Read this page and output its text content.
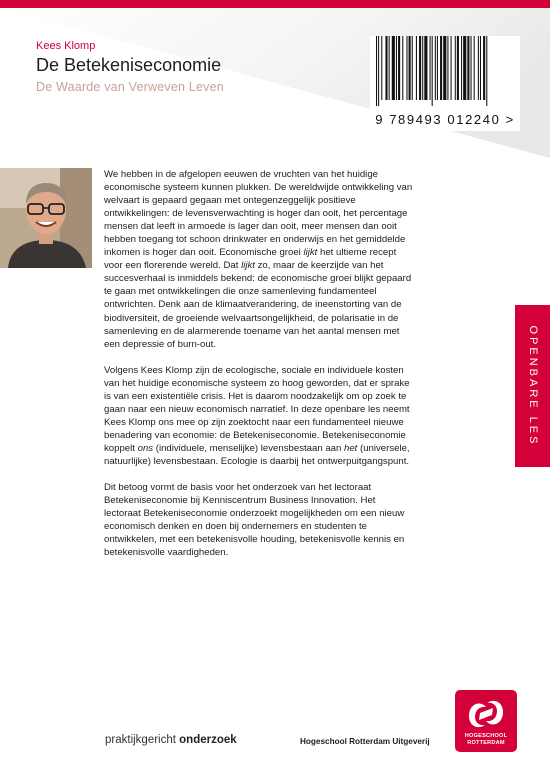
Kees Klomp
De Betekeniseconomie
De Waarde van Verweven Leven
9 789493 012240 >

We hebben in de afgelopen eeuwen de vruchten van het huidige economische systeem kunnen plukken. De wereldwijde ontwikkeling van welvaart is gepaard gegaan met ontegenzeggelijk positieve ontwikkelingen: de levensverwachting is hoger dan ooit, het percentage mensen dat leeft in armoede is lager dan ooit, meer mensen dan ooit hebben toegang tot schoon drinkwater en onderwijs en het gemiddelde inkomen is hoger dan ooit. Economische groei lijkt het ultieme recept voor een florerende wereld. Dat lijkt zo, maar de keerzijde van het succesverhaal is inmiddels bekend: de economische groei blijkt gepaard te gaan met ontwikkelingen die onze samenleving fundamenteel ontwrichten. Denk aan de klimaatverandering, de ineenstorting van de biodiversiteit, de groeiende welvaartsongelijkheid, de polarisatie in de samenleving en de alarmerende toename van het aantal mensen met een depressie of burn-out.

Volgens Kees Klomp zijn de ecologische, sociale en individuele kosten van het huidige economische systeem zo hoog geworden, dat er sprake is van een existentiële crisis. Het is daarom noodzakelijk om op zoek te gaan naar een nieuw economisch narratief. In deze openbare les neemt Kees Klomp ons mee op zijn zoektocht naar een fundamenteel nieuwe benadering van economie: de Betekeniseconomie. Betekeniseconomie koppelt ons (individuele, menselijke) levensbestaan aan het (universele, natuurlijke) levensbestaan. Ecologie is daarbij het ontwerpuitgangspunt.

Dit betoog vormt de basis voor het onderzoek van het lectoraat Betekeniseconomie bij Kenniscentrum Business Innovation. Het lectoraat Betekeniseconomie onderzoekt mogelijkheden om een nieuw economisch denken en doen bij ondernemers en studenten te ontwikkelen, met een betekenisvolle houding, betekenisvolle kennis en betekenisvolle vaardigheden.

OPENBARE LES
praktijkgericht onderzoek	Hogeschool Rotterdam Uitgeverij
HOGESCHOOL
ROTTERDAM
